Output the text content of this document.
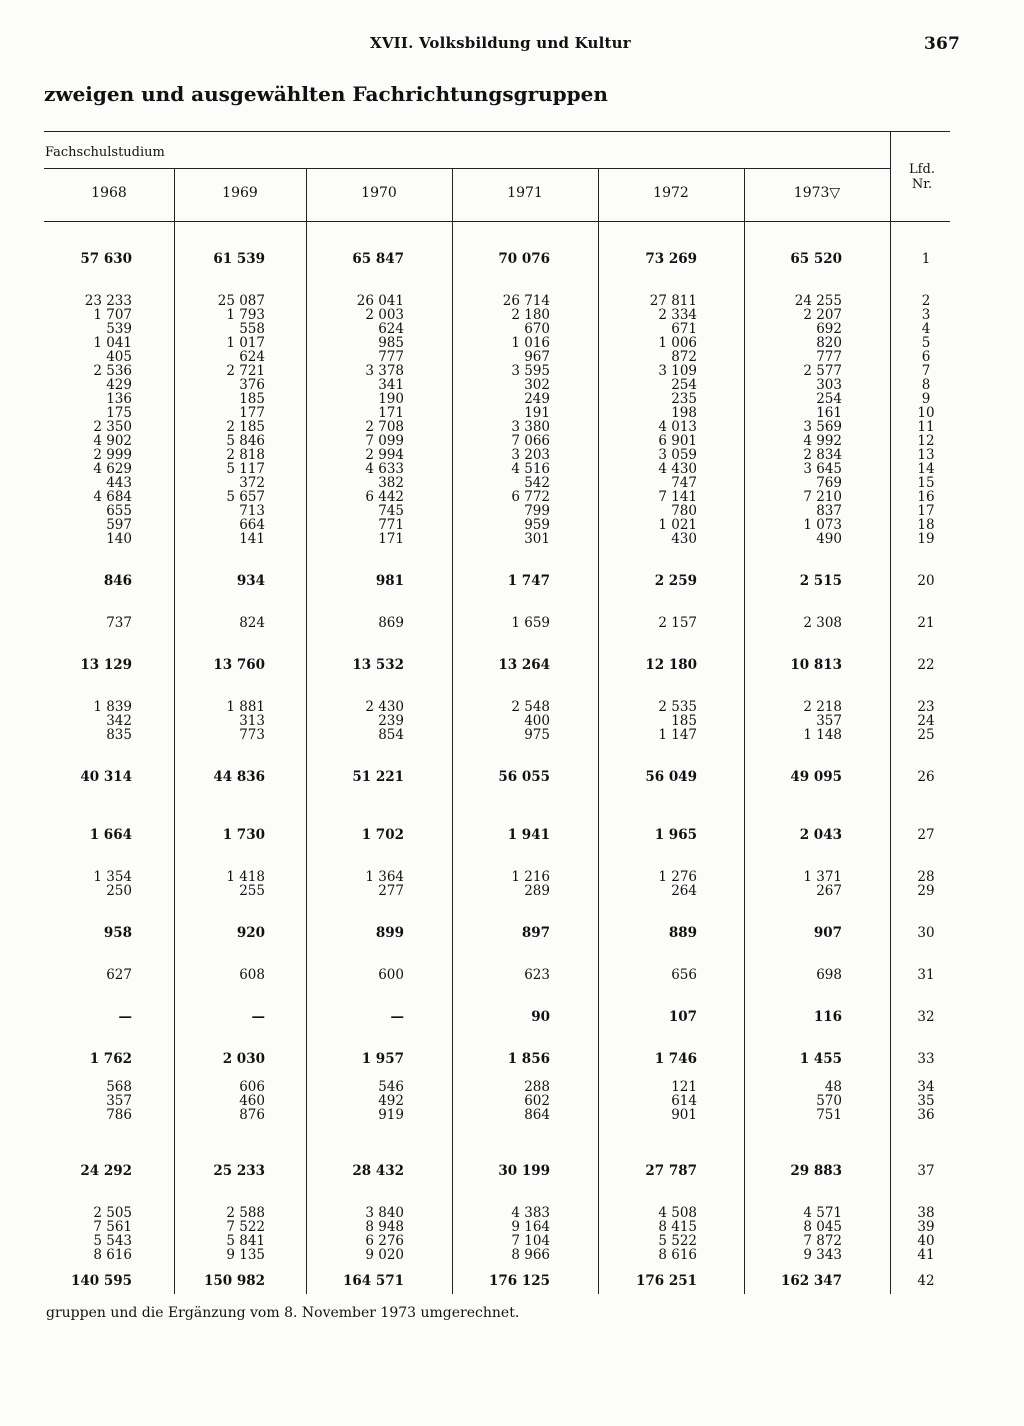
XVII. Volksbildung und Kultur	367
zweigen und ausgewählten Fachrichtungsgruppen
Fachschulstudium
Lfd. Nr.
1968	1969	1970	1971	1972	1973▽
57 630	61 539	65 847	70 076	73 269	65 520	1
23 233	25 087	26 041	26 714	27 811	24 255	2
1 707	1 793	2 003	2 180	2 334	2 207	3
539	558	624	670	671	692	4
1 041	1 017	985	1 016	1 006	820	5
405	624	777	967	872	777	6
2 536	2 721	3 378	3 595	3 109	2 577	7
429	376	341	302	254	303	8
136	185	190	249	235	254	9
175	177	171	191	198	161	10
2 350	2 185	2 708	3 380	4 013	3 569	11
4 902	5 846	7 099	7 066	6 901	4 992	12
2 999	2 818	2 994	3 203	3 059	2 834	13
4 629	5 117	4 633	4 516	4 430	3 645	14
443	372	382	542	747	769	15
4 684	5 657	6 442	6 772	7 141	7 210	16
655	713	745	799	780	837	17
597	664	771	959	1 021	1 073	18
140	141	171	301	430	490	19
846	934	981	1 747	2 259	2 515	20
737	824	869	1 659	2 157	2 308	21
13 129	13 760	13 532	13 264	12 180	10 813	22
1 839	1 881	2 430	2 548	2 535	2 218	23
342	313	239	400	185	357	24
835	773	854	975	1 147	1 148	25
40 314	44 836	51 221	56 055	56 049	49 095	26
1 664	1 730	1 702	1 941	1 965	2 043	27
1 354	1 418	1 364	1 216	1 276	1 371	28
250	255	277	289	264	267	29
958	920	899	897	889	907	30
627	608	600	623	656	698	31
—	—	—	90	107	116	32
1 762	2 030	1 957	1 856	1 746	1 455	33
568	606	546	288	121	48	34
357	460	492	602	614	570	35
786	876	919	864	901	751	36
24 292	25 233	28 432	30 199	27 787	29 883	37
2 505	2 588	3 840	4 383	4 508	4 571	38
7 561	7 522	8 948	9 164	8 415	8 045	39
5 543	5 841	6 276	7 104	5 522	7 872	40
8 616	9 135	9 020	8 966	8 616	9 343	41
140 595	150 982	164 571	176 125	176 251	162 347	42
gruppen und die Ergänzung vom 8. November 1973 umgerechnet.
